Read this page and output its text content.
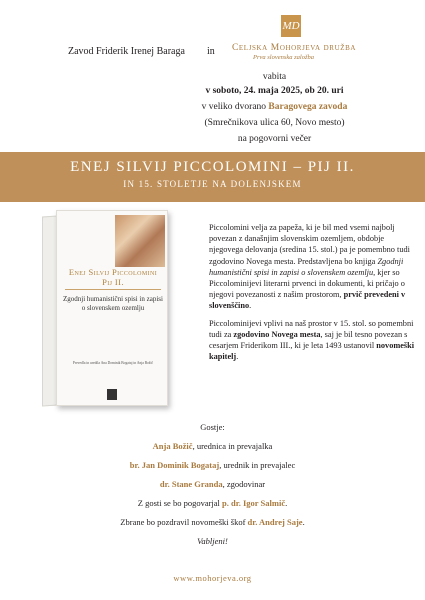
Zavod Friderik Irenej Baraga in
MD
Celjska Mohorjeva družba
Prva slovenska založba
vabita
v soboto, 24. maja 2025, ob 20. uri
v veliko dvorano Baragovega zavoda
(Smrečnikova ulica 60, Novo mesto)
na pogovorni večer
ENEJ SILVIJ PICCOLOMINI – PIJ II.
IN 15. STOLETJE NA DOLENJSKEM
Enej Silvij Piccolomini
Pij II.
Zgodnji humanistični spisi in zapisi o slovenskem ozemlju
Prevedla in uredila Ana Dominik Bogataj in Anja Božič

Piccolomini velja za papeža, ki je bil med vsemi najbolj povezan z današnjim slovenskim ozemljem, obdobje njegovega delovanja (sredina 15. stol.) pa je pomembno tudi zgodovino Novega mesta. Predstavljena bo knjiga Zgodnji humanistični spisi in zapisi o slovenskem ozemlju, kjer so Piccolominijevi literarni prvenci in dokumenti, ki pričajo o njegovi povezanosti z našim prostorom, prvič prevedeni v slovenščino.

Piccolominijevi vplivi na naš prostor v 15. stol. so pomembni tudi za zgodovino Novega mesta, saj je bil tesno povezan s cesarjem Friderikom III., ki je leta 1493 ustanovil novomeški kapitelj.

Gostje:
Anja Božič, urednica in prevajalka
br. Jan Dominik Bogataj, urednik in prevajalec
dr. Stane Granda, zgodovinar
Z gosti se bo pogovarjal p. dr. Igor Salmič.
Zbrane bo pozdravil novomeški škof dr. Andrej Saje.
Vabljeni!
www.mohorjeva.org
